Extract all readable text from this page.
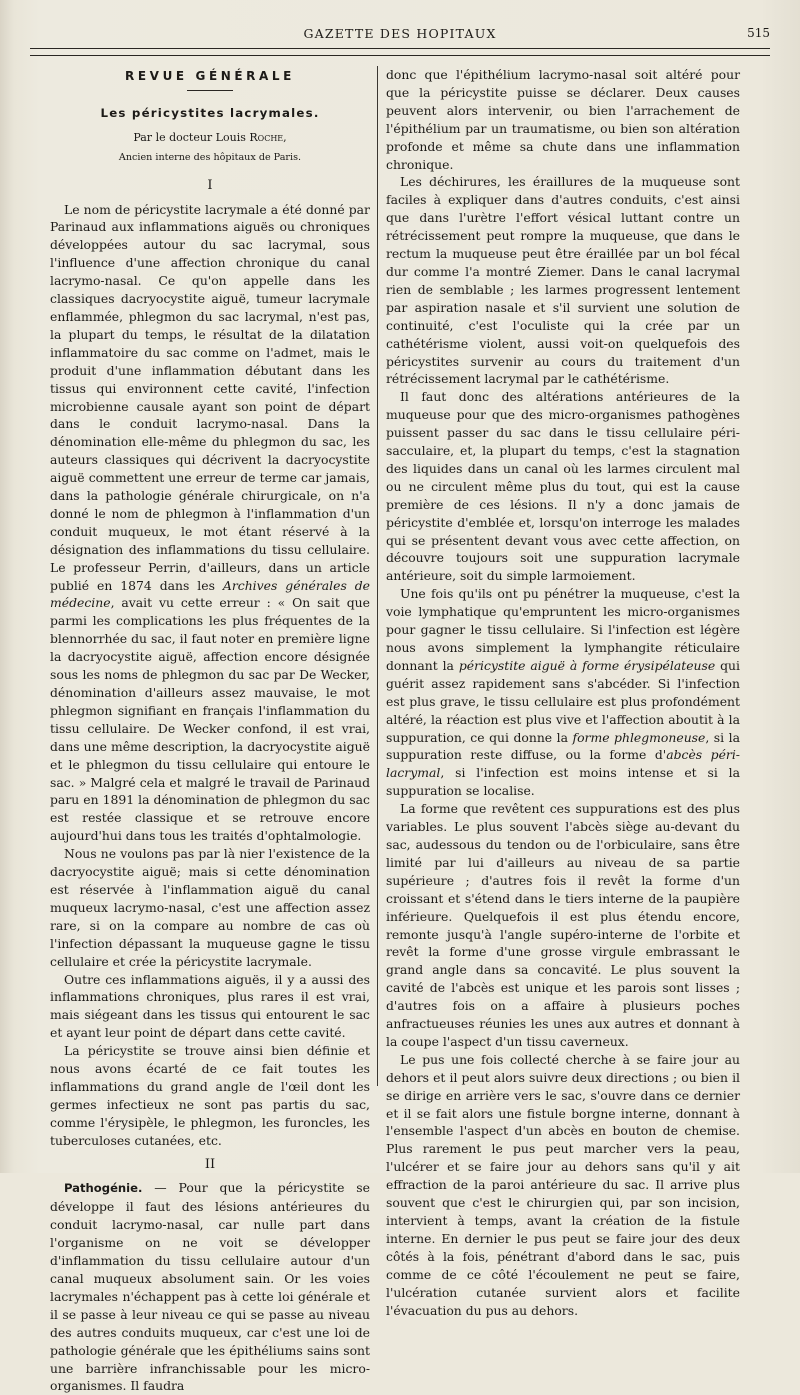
GAZETTE DES HOPITAUX	515
REVUE GÉNÉRALE
Les péricystites lacrymales.
Par le docteur Louis Roche,
Ancien interne des hôpitaux de Paris.
I

Le nom de péricystite lacrymale a été donné par Parinaud aux inflammations aiguës ou chroniques développées autour du sac lacrymal, sous l'influence d'une affection chronique du canal lacrymo-nasal. Ce qu'on appelle dans les classiques dacryocystite aiguë, tumeur lacrymale enflammée, phlegmon du sac lacrymal, n'est pas, la plupart du temps, le résultat de la dilatation inflammatoire du sac comme on l'admet, mais le produit d'une inflammation débutant dans les tissus qui environnent cette cavité, l'infection microbienne causale ayant son point de départ dans le conduit lacrymo-nasal. Dans la dénomination elle-même du phlegmon du sac, les auteurs classiques qui décrivent la dacryocystite aiguë commettent une erreur de terme car jamais, dans la pathologie générale chirurgicale, on n'a donné le nom de phlegmon à l'inflammation d'un conduit muqueux, le mot étant réservé à la désignation des inflammations du tissu cellulaire. Le professeur Perrin, d'ailleurs, dans un article publié en 1874 dans les Archives générales de médecine, avait vu cette erreur : « On sait que parmi les complications les plus fréquentes de la blennorrhée du sac, il faut noter en première ligne la dacryocystite aiguë, affection encore désignée sous les noms de phlegmon du sac par De Wecker, dénomination d'ailleurs assez mauvaise, le mot phlegmon signifiant en français l'inflammation du tissu cellulaire. De Wecker confond, il est vrai, dans une même description, la dacryocystite aiguë et le phlegmon du tissu cellulaire qui entoure le sac. » Malgré cela et malgré le travail de Parinaud paru en 1891 la dénomination de phlegmon du sac est restée classique et se retrouve encore aujourd'hui dans tous les traités d'ophtalmologie.

Nous ne voulons pas par là nier l'existence de la dacryocystite aiguë; mais si cette dénomination est réservée à l'inflammation aiguë du canal muqueux lacrymo-nasal, c'est une affection assez rare, si on la compare au nombre de cas où l'infection dépassant la muqueuse gagne le tissu cellulaire et crée la péricystite lacrymale.

Outre ces inflammations aiguës, il y a aussi des inflammations chroniques, plus rares il est vrai, mais siégeant dans les tissus qui entourent le sac et ayant leur point de départ dans cette cavité.

La péricystite se trouve ainsi bien définie et nous avons écarté de ce fait toutes les inflammations du grand angle de l'œil dont les germes infectieux ne sont pas partis du sac, comme l'érysipèle, le phlegmon, les furoncles, les tuberculoses cutanées, etc.

II

Pathogénie. — Pour que la péricystite se développe il faut des lésions antérieures du conduit lacrymo-nasal, car nulle part dans l'organisme on ne voit se développer d'inflammation du tissu cellulaire autour d'un canal muqueux absolument sain. Or les voies lacrymales n'échappent pas à cette loi générale et il se passe à leur niveau ce qui se passe au niveau des autres conduits muqueux, car c'est une loi de pathologie générale que les épithéliums sains sont une barrière infranchissable pour les micro-organismes. Il faudra

donc que l'épithélium lacrymo-nasal soit altéré pour que la péricystite puisse se déclarer. Deux causes peuvent alors intervenir, ou bien l'arrachement de l'épithélium par un traumatisme, ou bien son altération profonde et même sa chute dans une inflammation chronique.

Les déchirures, les éraillures de la muqueuse sont faciles à expliquer dans d'autres conduits, c'est ainsi que dans l'urètre l'effort vésical luttant contre un rétrécissement peut rompre la muqueuse, que dans le rectum la muqueuse peut être éraillée par un bol fécal dur comme l'a montré Ziemer. Dans le canal lacrymal rien de semblable ; les larmes progressent lentement par aspiration nasale et s'il survient une solution de continuité, c'est l'oculiste qui la crée par un cathétérisme violent, aussi voit-on quelquefois des péricystites survenir au cours du traitement d'un rétrécissement lacrymal par le cathétérisme.

Il faut donc des altérations antérieures de la muqueuse pour que des micro-organismes pathogènes puissent passer du sac dans le tissu cellulaire péri-sacculaire, et, la plupart du temps, c'est la stagnation des liquides dans un canal où les larmes circulent mal ou ne circulent même plus du tout, qui est la cause première de ces lésions. Il n'y a donc jamais de péricystite d'emblée et, lorsqu'on interroge les malades qui se présentent devant vous avec cette affection, on découvre toujours soit une suppuration lacrymale antérieure, soit du simple larmoiement.

Une fois qu'ils ont pu pénétrer la muqueuse, c'est la voie lymphatique qu'empruntent les micro-organismes pour gagner le tissu cellulaire. Si l'infection est légère nous avons simplement la lymphangite réticulaire donnant la péricystite aiguë à forme érysipélateuse qui guérit assez rapidement sans s'abcéder. Si l'infection est plus grave, le tissu cellulaire est plus profondément altéré, la réaction est plus vive et l'affection aboutit à la suppuration, ce qui donne la forme phlegmoneuse, si la suppuration reste diffuse, ou la forme d'abcès péri-lacrymal, si l'infection est moins intense et si la suppuration se localise.

La forme que revêtent ces suppurations est des plus variables. Le plus souvent l'abcès siège au-devant du sac, audessous du tendon ou de l'orbiculaire, sans être limité par lui d'ailleurs au niveau de sa partie supérieure ; d'autres fois il revêt la forme d'un croissant et s'étend dans le tiers interne de la paupière inférieure. Quelquefois il est plus étendu encore, remonte jusqu'à l'angle supéro-interne de l'orbite et revêt la forme d'une grosse virgule embrassant le grand angle dans sa concavité. Le plus souvent la cavité de l'abcès est unique et les parois sont lisses ; d'autres fois on a affaire à plusieurs poches anfractueuses réunies les unes aux autres et donnant à la coupe l'aspect d'un tissu caverneux.

Le pus une fois collecté cherche à se faire jour au dehors et il peut alors suivre deux directions ; ou bien il se dirige en arrière vers le sac, s'ouvre dans ce dernier et il se fait alors une fistule borgne interne, donnant à l'ensemble l'aspect d'un abcès en bouton de chemise. Plus rarement le pus peut marcher vers la peau, l'ulcérer et se faire jour au dehors sans qu'il y ait effraction de la paroi antérieure du sac. Il arrive plus souvent que c'est le chirurgien qui, par son incision, intervient à temps, avant la création de la fistule interne. En dernier le pus peut se faire jour des deux côtés à la fois, pénétrant d'abord dans le sac, puis comme de ce côté l'écoulement ne peut se faire, l'ulcération cutanée survient alors et facilite l'évacuation du pus au dehors.
